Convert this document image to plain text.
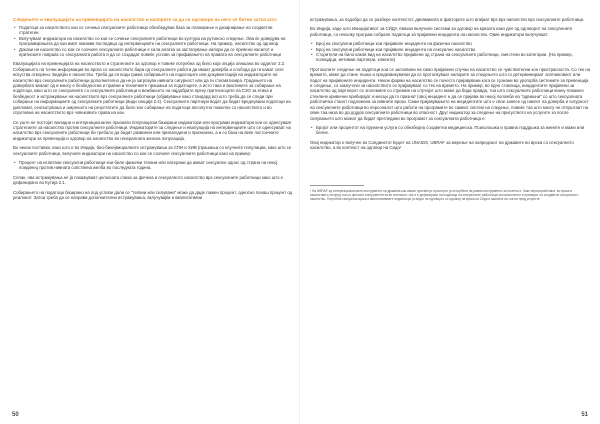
Следењето и евалуацијата на превенцијата на насилство и напорите за да се одговори на него се битни затоа што:
• Податоци за насилството кои се сочиња сексуалните работници обезбедуваа база за планирање и дизајнирање на соодветни стратегии
• Вклучуваат индикатори на насилство со кои се сочиње сексуалните работници во култура на рутинско следење. Ова ќе доведува на програмирањата да кои имат никакви последица од интервенциите на сексуалните работници. На пример, насилство од одговор.
• Докази на насилство со кои се соочиле сексуалните работници е сила алатка за застапување напори да се превени насилот и притиските повраќа со сексуалната работа и да се создадат повеќе услови за прифаќањето на правата на сексуалните работници

Евалуацијата на превенцијата на насилството и стратегиите за одговор е повеќе потребна од било која опција опишана во одделот 2.2. Собирањето на точни информации во врска со насилството бара од сексуалните работи да имаат доверба и слобода да ги кажат сите искуства отворено. Бидејќи е насилство. Треба да се води грижа собирањето на податоците или документација на индикаторите на насилство врз сексуалните работници дополнително да не ја загрозува нивната сигурност или да ги стигматизира. Градењето на довербата земаат од и многу е безбедносни и правни и техничките прашања за податоците, а исто така и вештините за собирање на податоци, како што се сексуалните со сексуалните работници и вежбањето на најдобрите преку притисноците на СЗО за етика и безбедност и истражување на насилството врз сексуалните работници (објавување како стандард во) што треба да се следи при собирање на информациите од сексуалните работници (види секција 2.4). Сексуалните партнери водат да бидат вреднувани податоци на дипломат, сеопштувања и ширењето на резултатите да било кое собирање на податоци апсолутно пожелно со насилството и во спротивна на насилството врз човековите права на кои.

Се уште не постојат валидни и интернационално признати популациски базирани индикатори или програми индикатори кои се однесуваат стратегиите за насилство против сексуалните работници. Индикаторите за следење и евалуација на интервенциите што се однесуваат на насилство врз сексуалните работници би требало да бидат развиени или прилагодени и признаени, а и со база на веќе постоечките индикатори за превенција и одговор на насилство во генералната женска популација.

Во некои поставки, како што е во Индија, био-бихејвиоралните истражувања за СПИ и ХИВ (прашања со клучните популации, како што се сексуалните работници, вклучиле индикатори на насилство со кои се соочиле сексуалните работници како на пример:

• Процент на испитани сексуални работници кои биле физички тепани или натерани да имаат сексуален однос од страна на некој поединец против нивната сопствена желба во последната година.

Сепак, ова истражувања не ја покажуваат целосната слика за фичека и сексуалното насилство врз сексуалните работници како што е дефинирано во Кутија 2.1.

Собирањето на податоци базирано на под услови дали се "тепани или силувани" може да даде лажен процент, односно понаш процент од реалниот. Затоа треба да се направи дополнителни истражувања, вклучувајќи и квалитативни

50

истражувања, за подобро да се разбере контекстот, динамиката и факторите што влијаат врз врз насилство врз сексуалните работници.

Во Индија, каде што Иницијативот за СИДА Авахан вклучиле системи за одговор на кризата како дел од одговорот на сексуалните работници, со неколку програм собрале податоци за пријавени инциденти на насилство. Овие индикатори вклучуваат:

• Број на сексуални работници кои пријавиле инциденти на физичко насилство
• Број на сексуални работници кои пријавиле инциденти на сексуално насилство
• Сторители на било каков вид на насилство пријавени од страна на сексуалните работници, сместени во категории. (На пример, полицајци, интимни партнери, клиенти)

Протоколите следење на податоци кои се засновани на само пријавени случаи на насилство се чувствителни кон пристрасноста. Со тек на времето, може да стане тешко и предизвикувачки да се протолкуваат напорите за следењето што го детерминираат златниковиот или падот на пријавените инциденти. Некои форми на насилство се почесто пријавувани кога се сузнани во урогорба системите за превенција и следење, со заклучочи за насилството се пријавуваат со тек на времето. На пример, во едно стаклица, инцидентите пријавени за насилство од партнерот се зголемиле со стремеж на случајот што може да бида правда, тоа што сексуалните работници кинеу поважно стеклене кривични прибирајат и месци да го признат (овој инцидент е да се пријави во некој положба на "одвишни" со што сексуалната работничка станот подложена за нивните врски. Сами пријавувањето на инцидентите што е свое занесе од наклет на доверба и сигурност на сексуалните работници во персоналот што работи на програмите во самиот систем на следење, повеќе тоа што многу не отпуштаат на овие таа низа во да дојдов сексуалните работници во опасност. Друг индикатор за следење на присуството на услугите за после силувањето што можат да бидат прегледани во програмот за сексуалната работница е:

• Бројот или процентот на пружени услуги со обезбедна соодветна медицинска. Психолошка и правна поддршка за жените и мажи или белне.

Овој индикатор е вклучен во Соединетот Буџет на UNAIDS, UBRAF за мерење на напредокот на државите во врска со сексуалното насилство, а во контекст на одговор на Сида¹

¹ На UBRAF од интернационалните инструменти на државна кои имаат пресметус просторот ја отпорбени на рамни инструменти за почеток е. Како пересоработана, во врска и насилството на пред тоа со целосни инструменти за во контексот тоа и е дефинирано на податоци на сексуалните работници за насилството и примерот на соодветна сексуалното насилство. Потребна сексуална врска и квалитативните индикатори ја водат на одговорот со одговор на врска на Сида и заштита на тоа на пред услугите.

51
